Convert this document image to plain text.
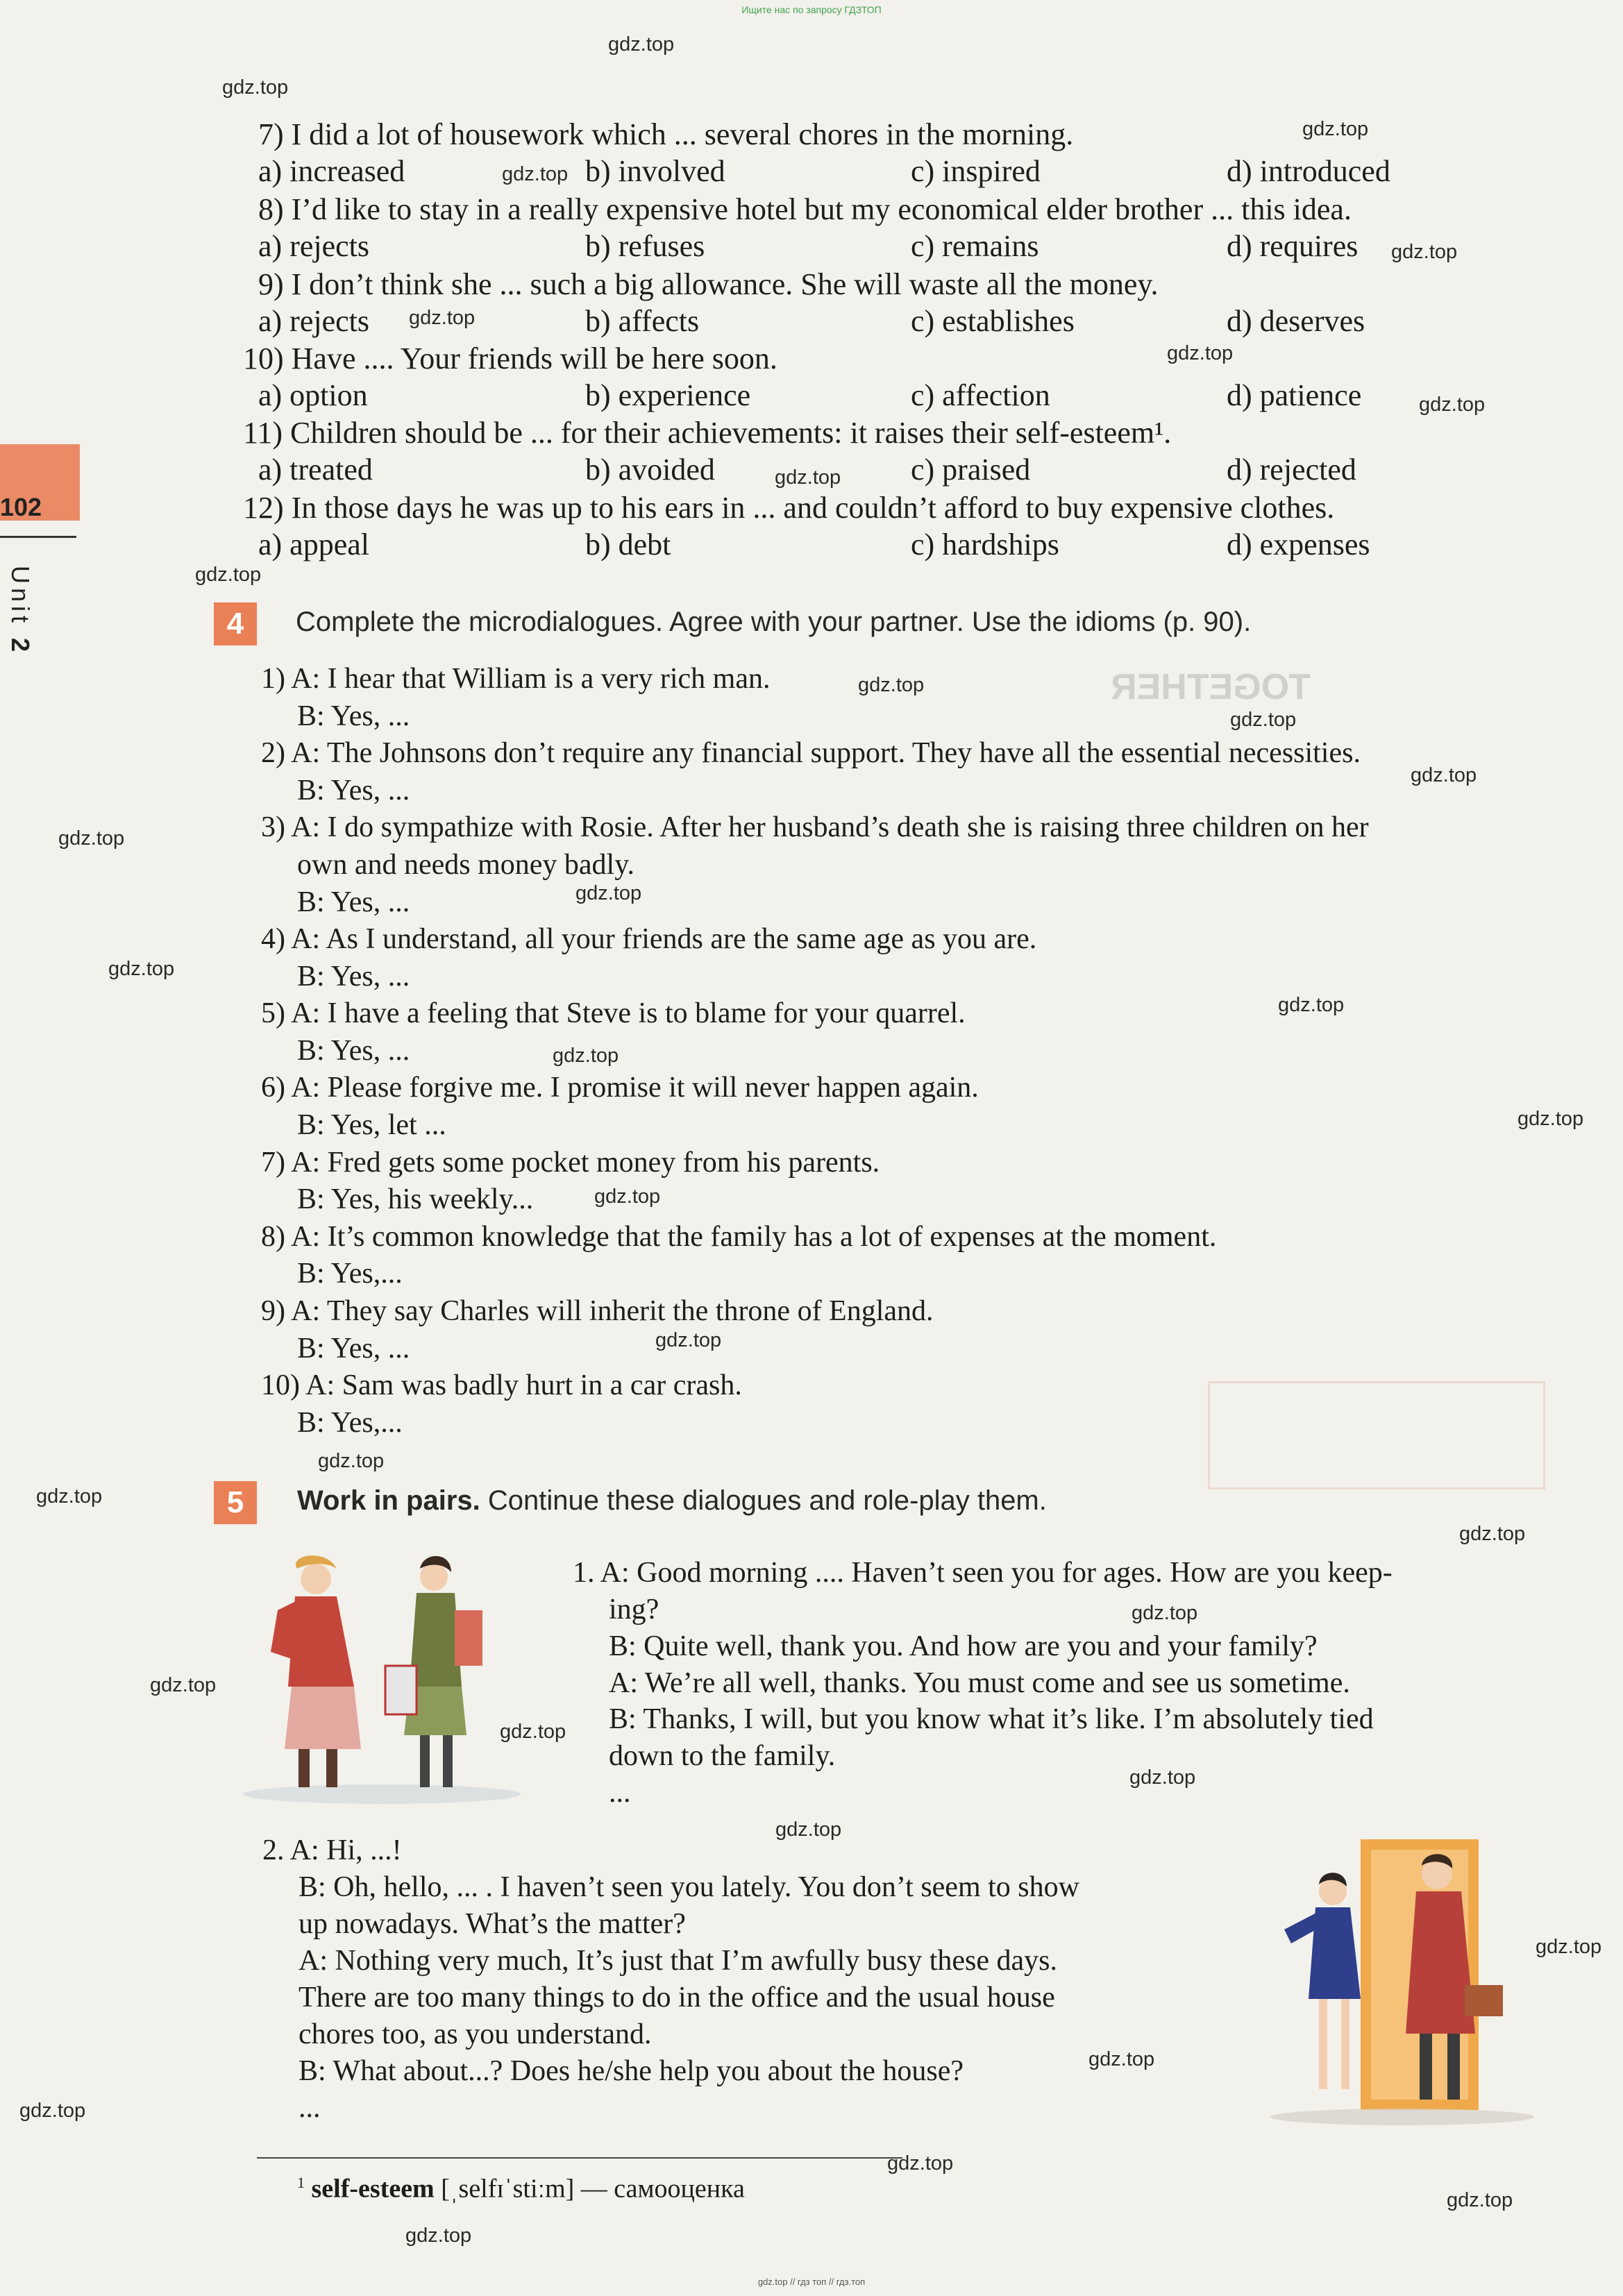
Ищите нас по запросу ГДЗТОП
TOGETHER
102
Unit 2
7) I did a lot of housework which ... several chores in the morning.
a) increased	b) involved	c) inspired	d) introduced
8) I’d like to stay in a really expensive hotel but my economical elder brother ... this idea.
a) rejects	b) refuses	c) remains	d) requires
9) I don’t think she ... such a big allowance. She will waste all the money.
a) rejects	b) affects	c) establishes	d) deserves
10) Have .... Your friends will be here soon.
a) option	b) experience	c) affection	d) patience
11) Children should be ... for their achievements: it raises their self-esteem¹.
a) treated	b) avoided	c) praised	d) rejected
12) In those days he was up to his ears in ... and couldn’t afford to buy expensive clothes.
a) appeal	b) debt	c) hardships	d) expenses
4	Complete the microdialogues. Agree with your partner. Use the idioms (p. 90).
1) A: I hear that William is a very rich man.
B: Yes, ...
2) A: The Johnsons don’t require any financial support. They have all the essential necessities.
B: Yes, ...
3) A: I do sympathize with Rosie. After her husband’s death she is raising three children on her
own and needs money badly.
B: Yes, ...
4) A: As I understand, all your friends are the same age as you are.
B: Yes, ...
5) A: I have a feeling that Steve is to blame for your quarrel.
B: Yes, ...
6) A: Please forgive me. I promise it will never happen again.
B: Yes, let ...
7) A: Fred gets some pocket money from his parents.
B: Yes, his weekly...
8) A: It’s common knowledge that the family has a lot of expenses at the moment.
B: Yes,...
9) A: They say Charles will inherit the throne of England.
B: Yes, ...
10) A: Sam was badly hurt in a car crash.
B: Yes,...
5	Work in pairs. Continue these dialogues and role-play them.
1. A: Good morning .... Haven’t seen you for ages. How are you keep-
ing?
B: Quite well, thank you. And how are you and your family?
A: We’re all well, thanks. You must come and see us sometime.
B: Thanks, I will, but you know what it’s like. I’m absolutely tied
down to the family.
...
2. A: Hi, ...!
B: Oh, hello, ... . I haven’t seen you lately. You don’t seem to show
up nowadays. What’s the matter?
A: Nothing very much, It’s just that I’m awfully busy these days.
There are too many things to do in the office and the usual house
chores too, as you understand.
B: What about...? Does he/she help you about the house?
...
$^1$ self-esteem [ˌselfɪˈstiːm] — самооценка
gdz.top
gdz.top
gdz.top
gdz.top
gdz.top
gdz.top
gdz.top
gdz.top
gdz.top
gdz.top
gdz.top
gdz.top
gdz.top
gdz.top
gdz.top
gdz.top
gdz.top
gdz.top
gdz.top
gdz.top
gdz.top
gdz.top
gdz.top
gdz.top
gdz.top
gdz.top
gdz.top
gdz.top
gdz.top
gdz.top
gdz.top
gdz.top
gdz.top
gdz.top
gdz.top
gdz.top // гдз топ // гдз.топ
